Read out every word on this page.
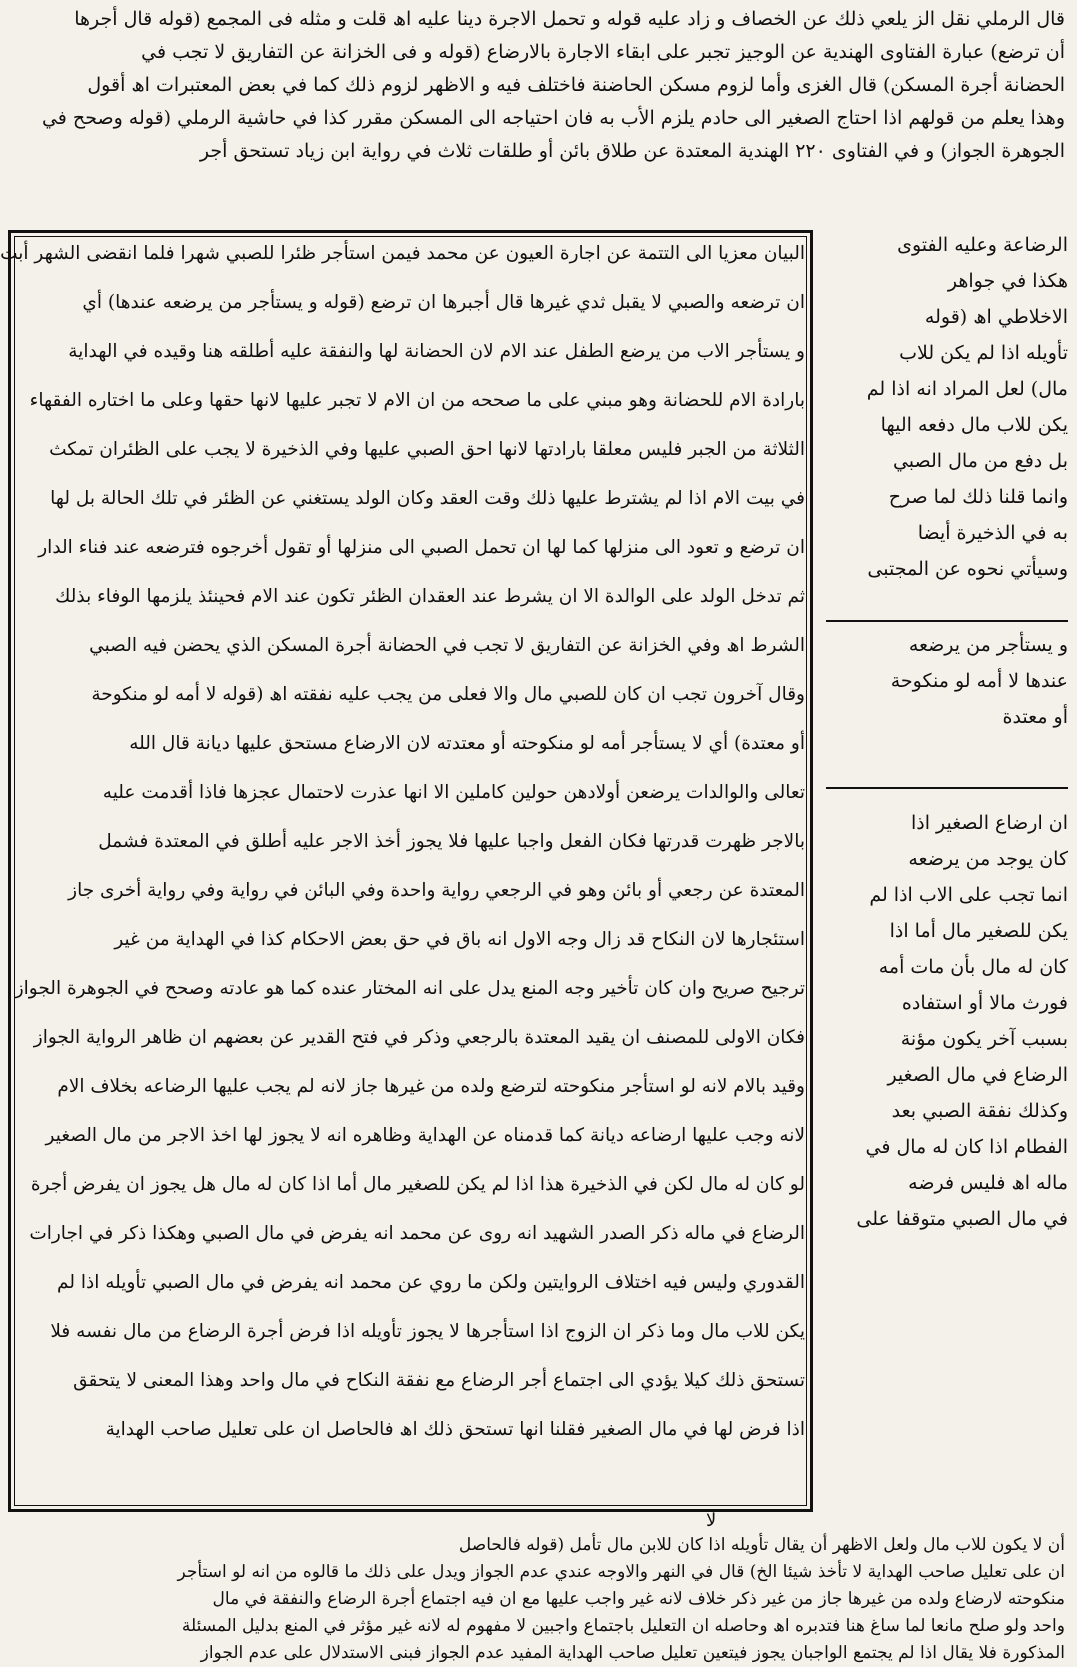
قال الرملي نقل الز يلعي ذلك عن الخصاف و زاد عليه قوله و تحمل الاجرة دينا علیه اھ قلت و مثله فی المجمع (قوله قال أجرها
أن ترضع) عبارة الفتاوى الهندية عن الوجيز تجبر على ابقاء الاجارة بالارضاع (قوله و فی الخزانة عن التفاریق لا تجب في
الحضانة أجرة المسكن) قال الغزى وأما لزوم مسكن الحاضنة فاختلف فيه و الاظهر لزوم ذلك كما في بعض المعتبرات اھ أقول
وهذا يعلم من قولهم اذا احتاج الصغير الى حادم يلزم الأب به فان احتياجه الى المسكن مقرر كذا في حاشية الرملي (قوله وصحح في
الجوهرة الجواز) و في الفتاوى ٢٢٠ الهندية المعتدة عن طلاق بائن أو طلقات ثلاث في رواية ابن زياد تستحق أجر
البيان معزيا الى التتمة عن اجارة العيون عن محمد فيمن استأجر ظئرا للصبي شهرا فلما انقضى الشهر أبت
ان ترضعه والصبي لا يقبل ثدي غيرها قال أجبرها ان ترضع (قوله و يستأجر من يرضعه عندها) أي
و يستأجر الاب من يرضع الطفل عند الام لان الحضانة لها والنفقة عليه أطلقه هنا وقيده في الهداية
بارادة الام للحضانة وهو مبني على ما صححه من ان الام لا تجبر عليها لانها حقها وعلى ما اختاره الفقهاء
الثلاثة من الجبر فليس معلقا بارادتها لانها احق الصبي عليها وفي الذخيرة لا يجب على الظئران تمكث
في بيت الام اذا لم يشترط عليها ذلك وقت العقد وكان الولد يستغني عن الظئر في تلك الحالة بل لها
ان ترضع و تعود الى منزلها كما لها ان تحمل الصبي الى منزلها أو تقول أخرجوه فترضعه عند فناء الدار
ثم تدخل الولد على الوالدة الا ان يشرط عند العقدان الظئر تكون عند الام فحينئذ يلزمها الوفاء بذلك
الشرط اھ وفي الخزانة عن التفاريق لا تجب في الحضانة أجرة المسكن الذي يحضن فيه الصبي
وقال آخرون تجب ان كان للصبي مال والا فعلى من يجب عليه نفقته اھ (قوله لا أمه لو منكوحة
أو معتدة) أي لا يستأجر أمه لو منكوحته أو معتدته لان الارضاع مستحق عليها ديانة قال الله
تعالى والوالدات يرضعن أولادهن حولين كاملين الا انها عذرت لاحتمال عجزها فاذا أقدمت عليه
بالاجر ظهرت قدرتها فكان الفعل واجبا عليها فلا يجوز أخذ الاجر عليه أطلق في المعتدة فشمل
المعتدة عن رجعي أو بائن وهو في الرجعي رواية واحدة وفي البائن في رواية وفي رواية أخرى جاز
استئجارها لان النكاح قد زال وجه الاول انه باق في حق بعض الاحكام كذا في الهداية من غير
ترجيح صريح وان كان تأخير وجه المنع يدل على انه المختار عنده كما هو عادته وصحح في الجوهرة الجواز
فكان الاولى للمصنف ان يقيد المعتدة بالرجعي وذكر في فتح القدير عن بعضهم ان ظاهر الرواية الجواز
وقيد بالام لانه لو استأجر منكوحته لترضع ولده من غيرها جاز لانه لم يجب عليها الرضاعه بخلاف الام
لانه وجب عليها ارضاعه ديانة كما قدمناه عن الهداية وظاهره انه لا يجوز لها اخذ الاجر من مال الصغير
لو كان له مال لكن في الذخيرة هذا اذا لم يكن للصغير مال أما اذا كان له مال هل يجوز ان يفرض أجرة
الرضاع في ماله ذكر الصدر الشهيد انه روى عن محمد انه يفرض في مال الصبي وهكذا ذكر في اجارات
القدوري وليس فيه اختلاف الروايتين ولكن ما روي عن محمد انه يفرض في مال الصبي تأويله اذا لم
يكن للاب مال وما ذكر ان الزوج اذا استأجرها لا يجوز تأويله اذا فرض أجرة الرضاع من مال نفسه فلا
تستحق ذلك كيلا يؤدي الى اجتماع أجر الرضاع مع نفقة النكاح في مال واحد وهذا المعنى لا يتحقق
اذا فرض لها في مال الصغير فقلنا انها تستحق ذلك اھ فالحاصل ان على تعليل صاحب الهداية
الرضاعة وعليه الفتوى
هكذا في جواهر
الاخلاطي اھ (قوله
تأويله اذا لم يكن للاب
مال) لعل المراد انه اذا لم
يكن للاب مال دفعه اليها
بل دفع من مال الصبي
وانما قلنا ذلك لما صرح
به في الذخيرة أيضا
وسيأتي نحوه عن المجتبى
و يستأجر من يرضعه
عندها لا أمه لو منكوحة
أو معتدة
ان ارضاع الصغير اذا
كان يوجد من يرضعه
انما تجب على الاب اذا لم
يكن للصغير مال أما اذا
كان له مال بأن مات أمه
فورث مالا أو استفاده
بسبب آخر يكون مؤنة
الرضاع في مال الصغير
وكذلك نفقة الصبي بعد
الفطام اذا كان له مال في
ماله اھ فليس فرضه
في مال الصبي متوقفا على
لا
أن لا يكون للاب مال ولعل الاظهر أن يقال تأويله اذا كان للابن مال تأمل (قوله فالحاصل
ان على تعليل صاحب الهداية لا تأخذ شيئا الخ) قال في النهر والاوجه عندي عدم الجواز ويدل على ذلك ما قالوه من انه لو استأجر
منكوحته لارضاع ولده من غيرها جاز من غير ذكر خلاف لانه غير واجب عليها مع ان فيه اجتماع أجرة الرضاع والنفقة في مال
واحد ولو صلح مانعا لما ساغ هنا فتدبره اھ وحاصله ان التعليل باجتماع واجبين لا مفهوم له لانه غير مؤثر في المنع بدليل المسئلة
المذكورة فلا يقال اذا لم يجتمع الواجبان يجوز فيتعين تعليل صاحب الهداية المفيد عدم الجواز فبنى الاستدلال على عدم الجواز
